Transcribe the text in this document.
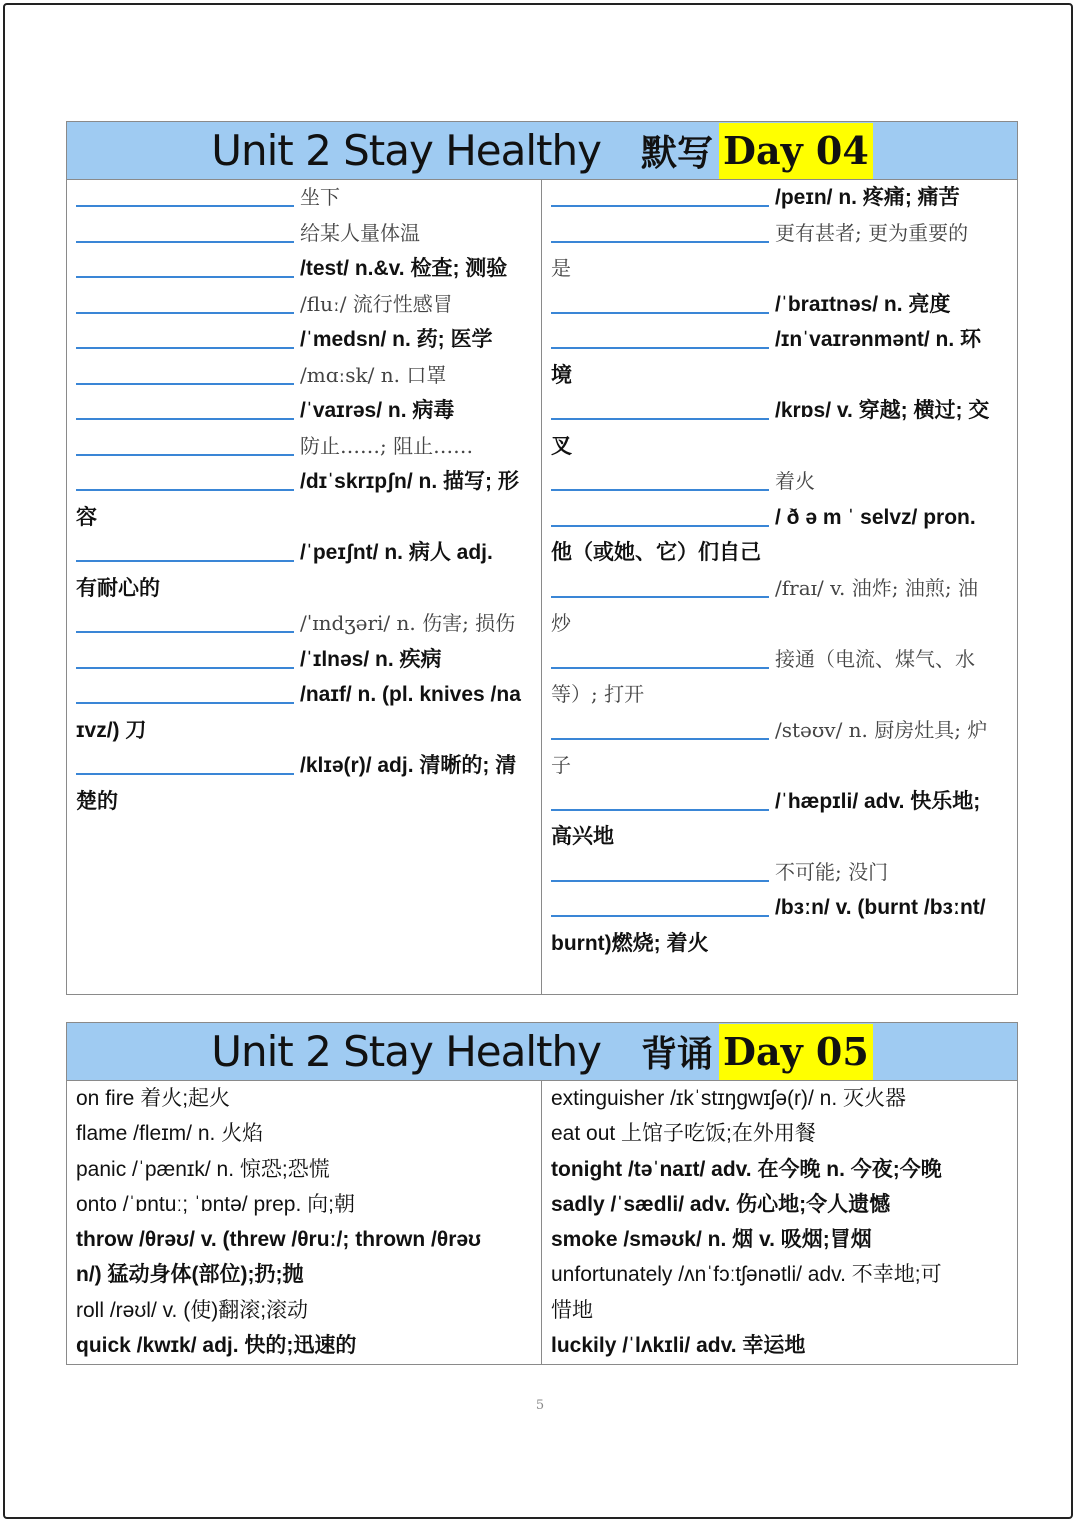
Unit 2 Stay Healthy 默写 Day 04
坐下
给某人量体温
/test/ n.&v. 检查; 测验
/fluː/ 流行性感冒
/ˈmedsn/ n. 药; 医学
/mɑːsk/ n. 口罩
/ˈvaɪrəs/ n. 病毒
防止……; 阻止……
/dɪˈskrɪpʃn/ n. 描写; 形
容
/ˈpeɪʃnt/ n. 病人 adj.
有耐心的
/ˈɪndʒəri/ n. 伤害; 损伤
/ˈɪlnəs/ n. 疾病
/naɪf/ n. (pl. knives /na
ɪvz/) 刀
/klɪə(r)/ adj. 清晰的; 清
楚的
/peɪn/ n. 疼痛; 痛苦
更有甚者; 更为重要的
是
/ˈbraɪtnəs/ n. 亮度
/ɪnˈvaɪrənmənt/ n. 环
境
/krɒs/ v. 穿越; 横过; 交
叉
着火
/ ð ə m ˈ selvz/ pron.
他（或她、它）们自己
/fraɪ/ v. 油炸; 油煎; 油
炒
接通（电流、煤气、水
等）; 打开
/stəʊv/ n. 厨房灶具; 炉
子
/ˈhæpɪli/ adv. 快乐地;
高兴地
不可能; 没门
/bɜːn/ v. (burnt /bɜːnt/
burnt)燃烧; 着火
Unit 2 Stay Healthy 背诵 Day 05
on fire 着火;起火
flame /fleɪm/ n. 火焰
panic /ˈpænɪk/ n. 惊恐;恐慌
onto /ˈɒntuː; ˈɒntə/ prep. 向;朝
throw /θrəʊ/ v. (threw /θruː/; thrown /θrəʊ
n/) 猛动身体(部位);扔;抛
roll /rəʊl/ v. (使)翻滚;滚动
quick /kwɪk/ adj. 快的;迅速的
extinguisher /ɪkˈstɪŋɡwɪʃə(r)/ n. 灭火器
eat out 上馆子吃饭;在外用餐
tonight /təˈnaɪt/ adv. 在今晚 n. 今夜;今晚
sadly /ˈsædli/ adv. 伤心地;令人遗憾
smoke /sməʊk/ n. 烟 v. 吸烟;冒烟
unfortunately /ʌnˈfɔːtʃənətli/ adv. 不幸地;可
惜地
luckily /ˈlʌkɪli/ adv. 幸运地
5
